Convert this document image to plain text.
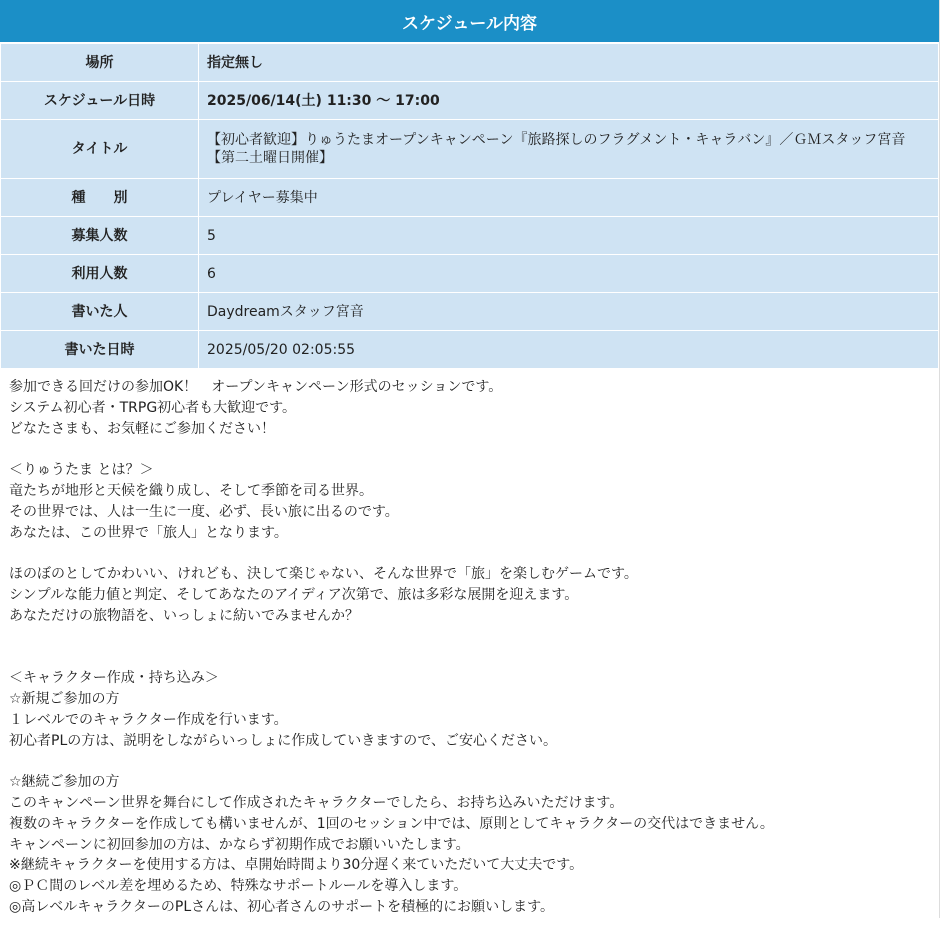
スケジュール内容
場所	指定無し
スケジュール日時	2025/06/14(土) 11:30 〜 17:00
タイトル	【初心者歓迎】りゅうたまオープンキャンペーン『旅路探しのフラグメント・キャラバン』／ＧＭスタッフ宮音【第二土曜日開催】
種　　別	プレイヤー募集中
募集人数	5
利用人数	6
書いた人	Daydreamスタッフ宮音
書いた日時	2025/05/20 02:05:55
参加できる回だけの参加OK！　オープンキャンペーン形式のセッションです。
システム初心者・TRPG初心者も大歓迎です。
どなたさまも、お気軽にご参加ください！

＜りゅうたま とは？＞
竜たちが地形と天候を織り成し、そして季節を司る世界。
その世界では、人は一生に一度、必ず、長い旅に出るのです。
あなたは、この世界で「旅人」となります。

ほのぼのとしてかわいい、けれども、決して楽じゃない、そんな世界で「旅」を楽しむゲームです。
シンプルな能力値と判定、そしてあなたのアイディア次第で、旅は多彩な展開を迎えます。
あなただけの旅物語を、いっしょに紡いでみませんか？

＜キャラクター作成・持ち込み＞
☆新規ご参加の方
１レベルでのキャラクター作成を行います。
初心者PLの方は、説明をしながらいっしょに作成していきますので、ご安心ください。

☆継続ご参加の方
このキャンペーン世界を舞台にして作成されたキャラクターでしたら、お持ち込みいただけます。
複数のキャラクターを作成しても構いませんが、1回のセッション中では、原則としてキャラクターの交代はできません。
キャンペーンに初回参加の方は、かならず初期作成でお願いいたします。
※継続キャラクターを使用する方は、卓開始時間より30分遅く来ていただいて大丈夫です。
◎ＰＣ間のレベル差を埋めるため、特殊なサポートルールを導入します。
◎高レベルキャラクターのPLさんは、初心者さんのサポートを積極的にお願いします。
